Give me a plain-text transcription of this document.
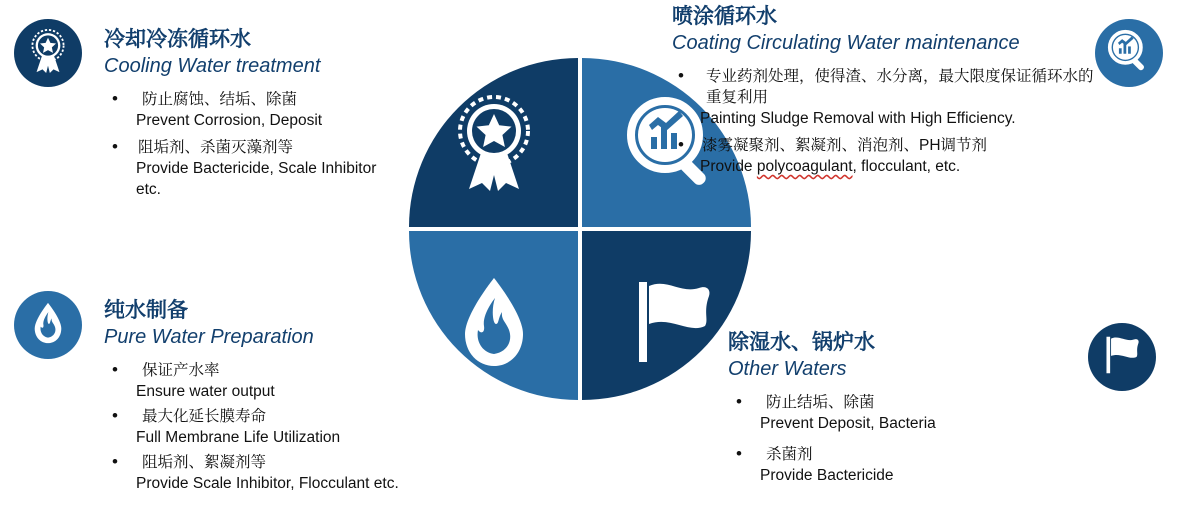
冷却冷冻循环水
Cooling Water treatment
• 防止腐蚀、结垢、除菌
Prevent Corrosion, Deposit
• 阻垢剂、杀菌灭藻剂等
Provide Bactericide, Scale Inhibitor etc.
纯水制备
Pure Water Preparation
• 保证产水率
Ensure water output
• 最大化延长膜寿命
Full Membrane Life Utilization
• 阻垢剂、絮凝剂等
Provide Scale Inhibitor, Flocculant etc.
喷涂循环水
Coating Circulating Water maintenance
• 专业药剂处理，使得渣、水分离，最大限度保证循环水的重复利用
Painting Sludge Removal with High Efficiency.
• 漆雾凝聚剂、絮凝剂、消泡剂、PH调节剂
Provide polycoagulant, flocculant, etc.
除湿水、锅炉水
Other Waters
• 防止结垢、除菌
Prevent Deposit, Bacteria
• 杀菌剂
Provide Bactericide
